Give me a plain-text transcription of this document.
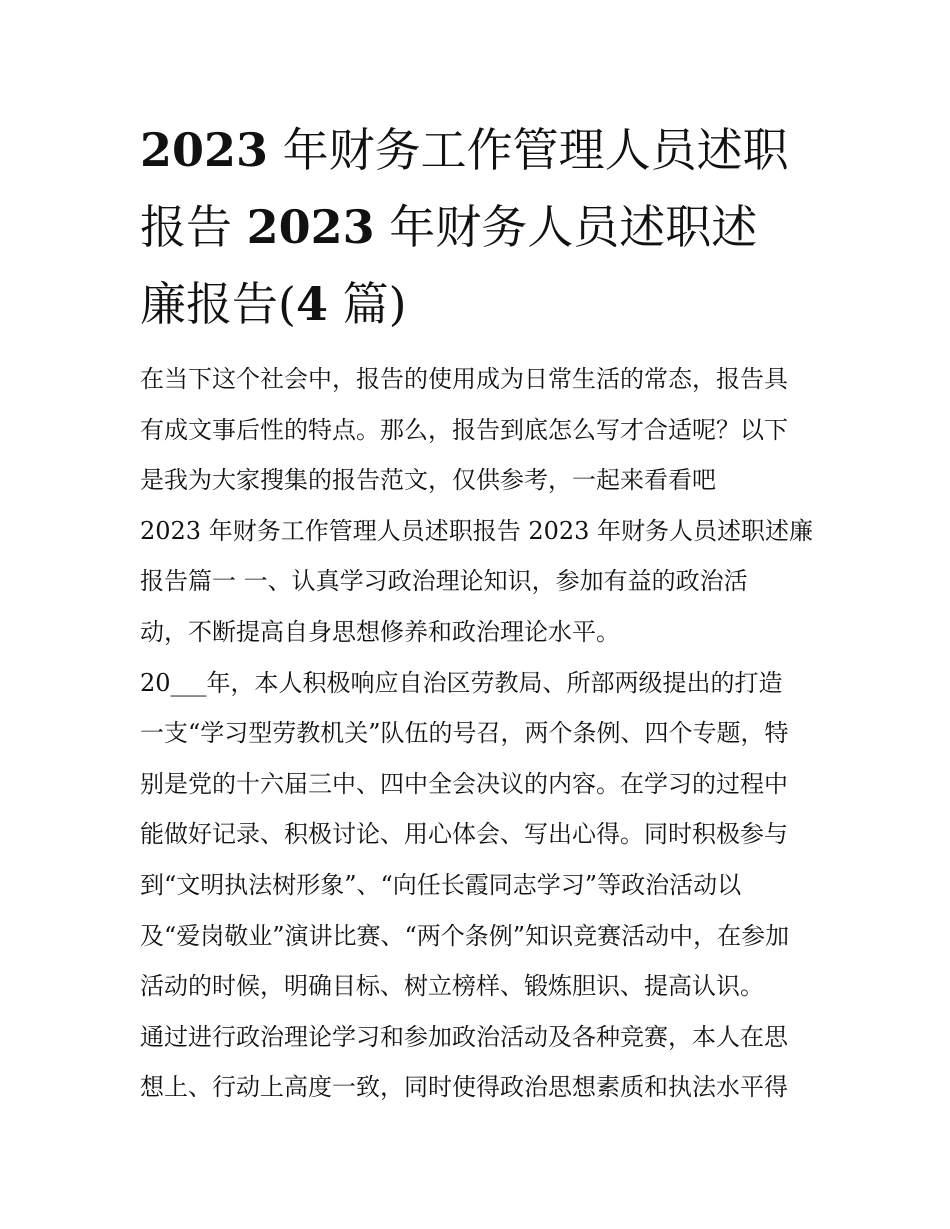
2023 年财务工作管理人员述职
报告 2023 年财务人员述职述
廉报告(4 篇)
在当下这个社会中，报告的使用成为日常生活的常态，报告具
有成文事后性的特点。那么，报告到底怎么写才合适呢？以下
是我为大家搜集的报告范文，仅供参考，一起来看看吧
2023 年财务工作管理人员述职报告 2023 年财务人员述职述廉
报告篇一 一、认真学习政治理论知识，参加有益的政治活
动，不断提高自身思想修养和政治理论水平。
20___年，本人积极响应自治区劳教局、所部两级提出的打造
一支“学习型劳教机关”队伍的号召，两个条例、四个专题，特
别是党的十六届三中、四中全会决议的内容。在学习的过程中
能做好记录、积极讨论、用心体会、写出心得。同时积极参与
到“文明执法树形象”、“向任长霞同志学习”等政治活动以
及“爱岗敬业”演讲比赛、“两个条例”知识竞赛活动中，在参加
活动的时候，明确目标、树立榜样、锻炼胆识、提高认识。
通过进行政治理论学习和参加政治活动及各种竞赛，本人在思
想上、行动上高度一致，同时使得政治思想素质和执法水平得
